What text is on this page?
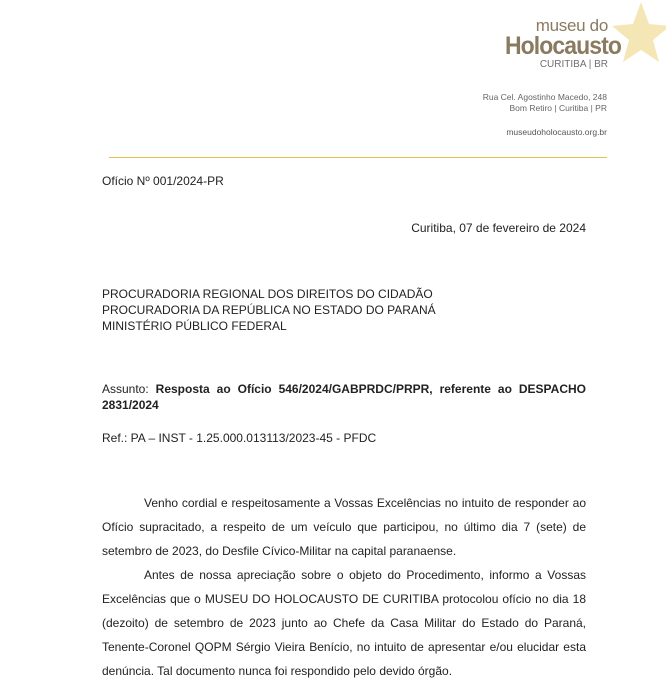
museu do
Holocausto
CURITIBA | BR
Rua Cel. Agostinho Macedo, 248
Bom Retiro | Curitiba | PR
museudoholocausto.org.br
Ofício Nº 001/2024-PR
Curitiba, 07 de fevereiro de 2024
PROCURADORIA REGIONAL DOS DIREITOS DO CIDADÃO
PROCURADORIA DA REPÚBLICA NO ESTADO DO PARANÁ
MINISTÉRIO PÚBLICO FEDERAL
Assunto: Resposta ao Ofício 546/2024/GABPRDC/PRPR, referente ao DESPACHO
2831/2024
Ref.: PA – INST - 1.25.000.013113/2023-45 - PFDC
Venho cordial e respeitosamente a Vossas Excelências no intuito de responder ao Ofício supracitado, a respeito de um veículo que participou, no último dia 7 (sete) de setembro de 2023, do Desfile Cívico-Militar na capital paranaense.
Antes de nossa apreciação sobre o objeto do Procedimento, informo a Vossas Excelências que o MUSEU DO HOLOCAUSTO DE CURITIBA protocolou ofício no dia 18 (dezoito) de setembro de 2023 junto ao Chefe da Casa Militar do Estado do Paraná, Tenente-Coronel QOPM Sérgio Vieira Benício, no intuito de apresentar e/ou elucidar esta denúncia. Tal documento nunca foi respondido pelo devido órgão.
